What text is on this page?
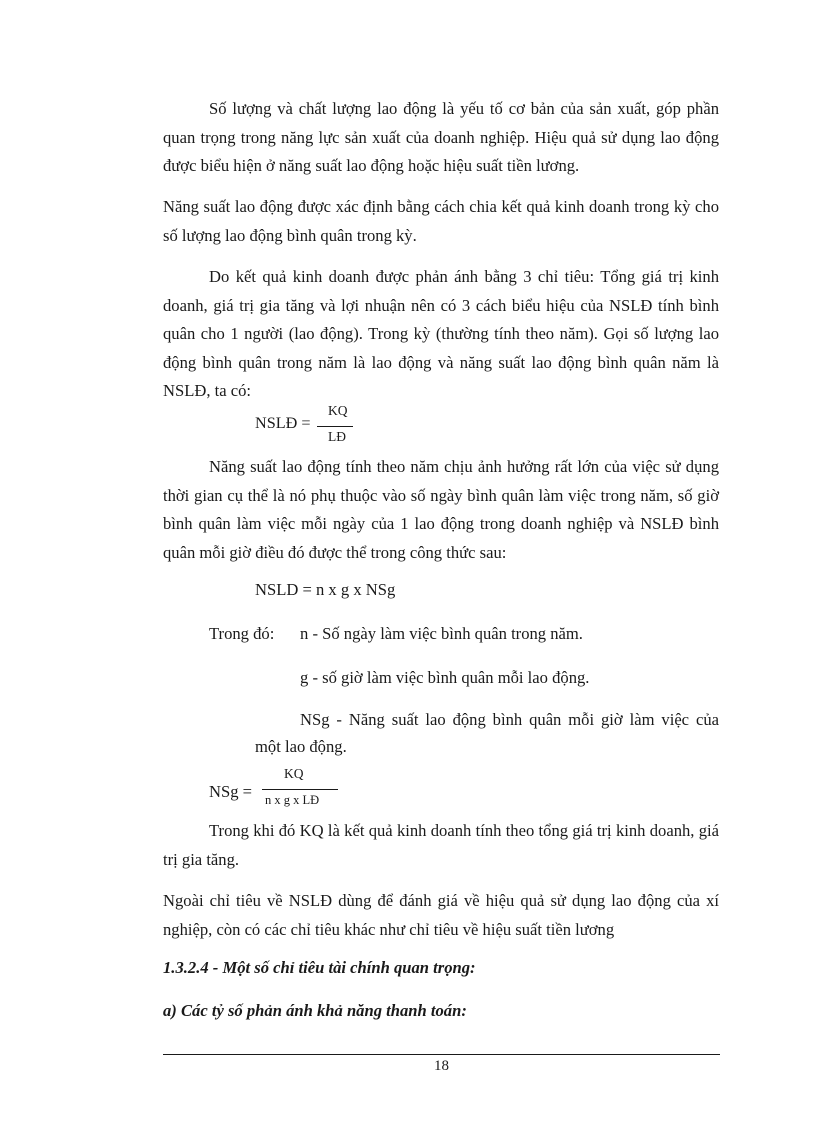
Số lượng và chất lượng lao động là yếu tố cơ bản của sản xuất, góp phần quan trọng trong năng lực sản xuất của doanh nghiệp. Hiệu quả sử dụng lao động được biểu hiện ở năng suất lao động hoặc hiệu suất tiền lương.

Năng suất lao động được xác định bằng cách chia kết quả kinh doanh trong kỳ cho số lượng lao động bình quân trong kỳ.

Do kết quả kinh doanh được phản ánh bằng 3 chỉ tiêu: Tổng giá trị kinh doanh, giá trị gia tăng và lợi nhuận nên có 3 cách biểu hiệu của NSLĐ tính bình quân cho 1 người (lao động). Trong kỳ (thường tính theo năm). Gọi số lượng lao động bình quân trong năm là lao động và năng suất lao động bình quân năm là NSLĐ, ta có:

NSLĐ =
KQ
LĐ

Năng suất lao động tính theo năm chịu ảnh hưởng rất lớn của việc sử dụng thời gian cụ thể là nó phụ thuộc vào số ngày bình quân làm việc trong năm, số giờ bình quân làm việc mỗi ngày của 1 lao động trong doanh nghiệp và NSLĐ bình quân mỗi giờ điều đó được thể trong công thức sau:

NSLD = n x g x NSg
Trong đó: n - Số ngày làm việc bình quân trong năm.
g - số giờ làm việc bình quân mỗi lao động.
NSg - Năng suất lao động bình quân mỗi giờ làm việc của
một lao động.
NSg =
KQ
n x g x LĐ

Trong khi đó KQ là kết quả kinh doanh tính theo tổng giá trị kinh doanh, giá trị gia tăng.

Ngoài chỉ tiêu về NSLĐ dùng để đánh giá về hiệu quả sử dụng lao động của xí nghiệp, còn có các chỉ tiêu khác như chỉ tiêu về hiệu suất tiền lương

1.3.2.4 - Một số chỉ tiêu tài chính quan trọng:
a) Các tỷ số phản ánh khả năng thanh toán:
18
